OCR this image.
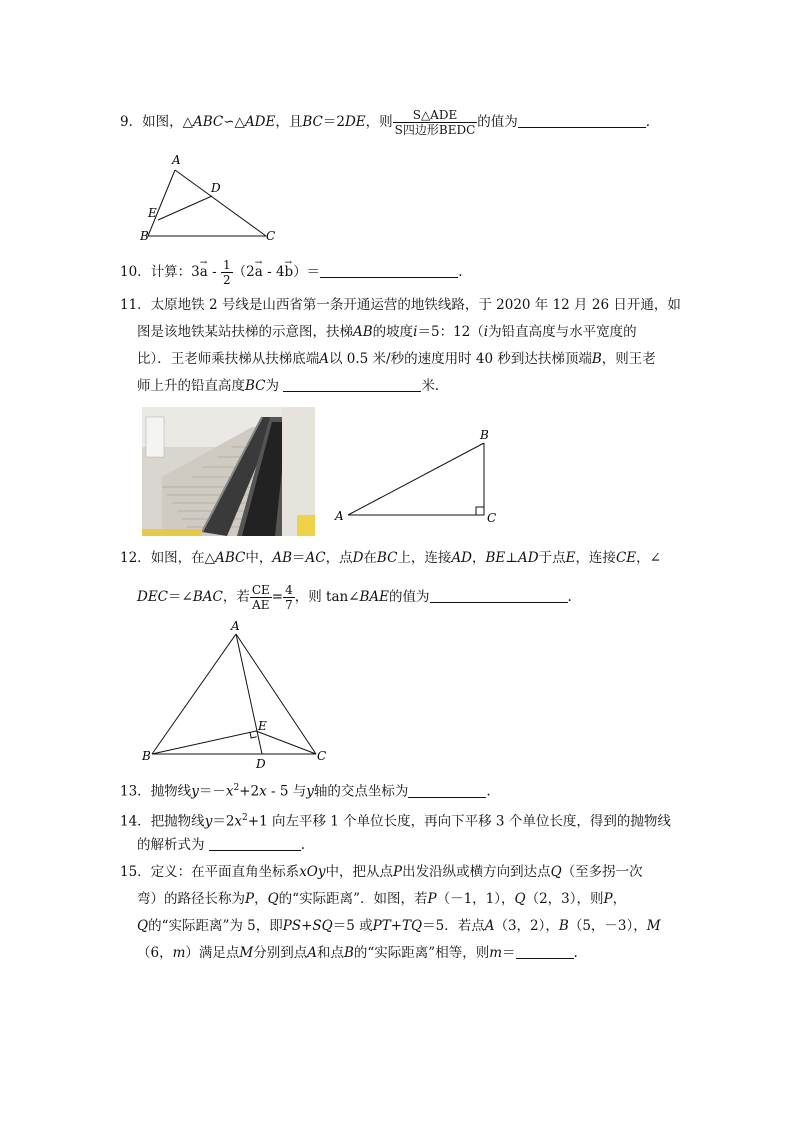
9．如图，△ABC∽△ADE，且BC＝2DE，则 $\frac{\text{S△ADE}}{\text{S四边形BEDC}}$ 的值为	.
A
D
E
B	C
10．计算：$3\to a - \frac{1}{2} (2\to a - 4\to b)=$	.
11．太原地铁 2 号线是山西省第一条开通运营的地铁线路，于 2020 年 12 月 26 日开通，如
图是该地铁某站扶梯的示意图，扶梯AB的坡度i＝5：12（i为铅直高度与水平宽度的
比）．王老师乘扶梯从扶梯底端A以 0.5 米/秒的速度用时 40 秒到达扶梯顶端B，则王老
师上升的铅直高度BC为	米．
B
A	C
12．如图，在△ABC中，AB＝AC，点D在BC上，连接AD，BE⊥AD于点E，连接CE，∠
DEC＝∠BAC，若 $\frac{CE}{AE} = \frac{4}{7}$ ，则 tan∠BAE的值为	.
A
E
B
D
C
13．抛物线$y=-x^2+2x - 5$ 与y轴的交点坐标为	.
14．把抛物线$y=2x^2+1$ 向左平移 1 个单位长度，再向下平移 3 个单位长度，得到的抛物线
的解析式为	.
15．定义：在平面直角坐标系xOy中，把从点P出发沿纵或横方向到达点Q（至多拐一次
弯）的路径长称为P，Q的“实际距离”．如图，若P（－1，1），Q（2，3），则P，
Q的“实际距离”为 5，即PS+SQ＝5 或PT+TQ＝5．若点A（3，2），B（5，－3），M
（6，m）满足点M分别到点A和点B的“实际距离”相等，则m＝	.
